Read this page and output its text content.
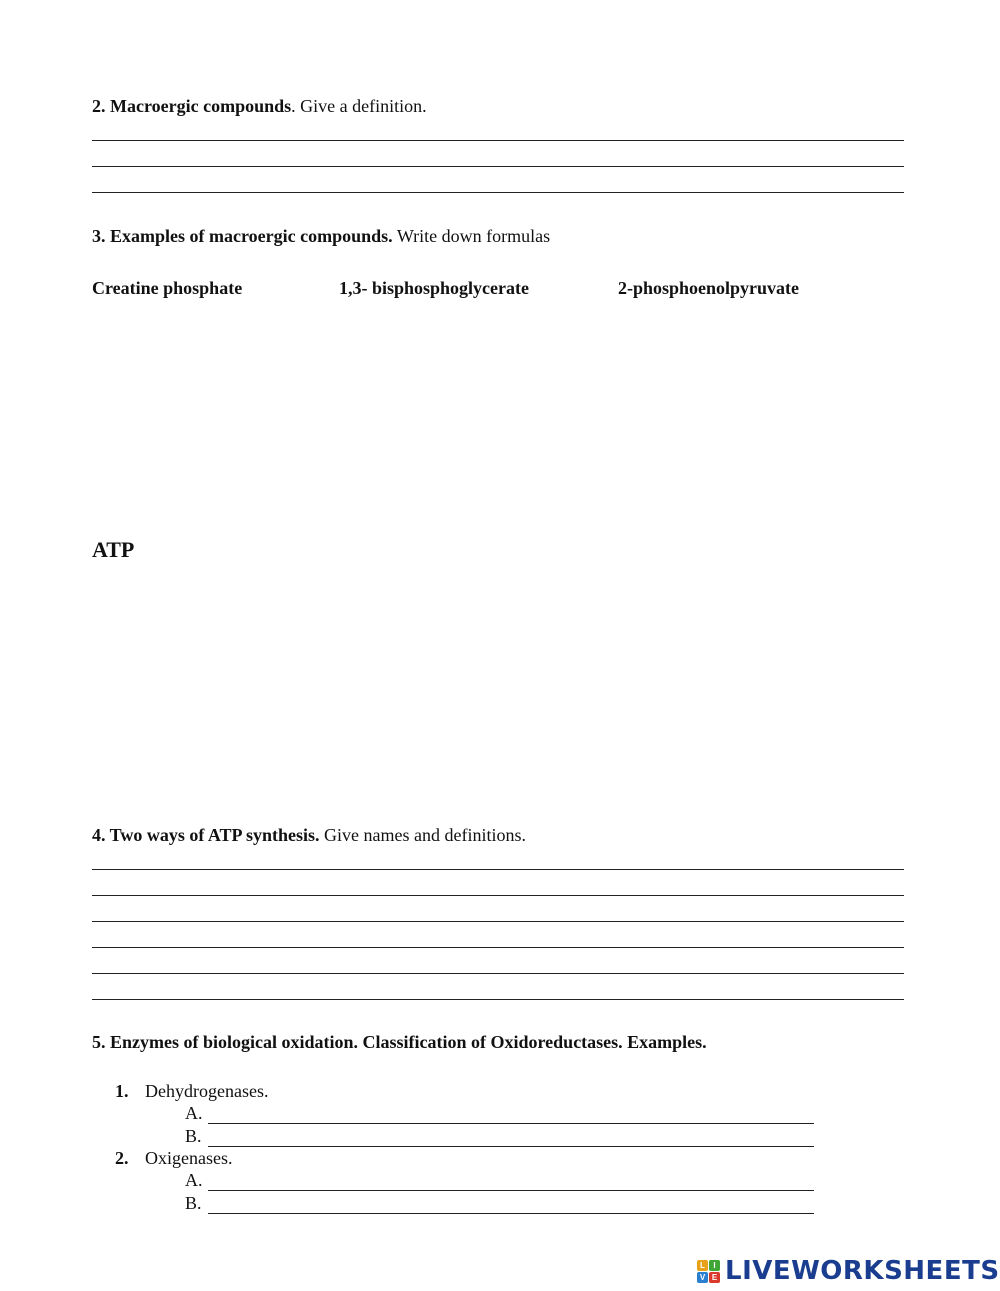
2. Macroergic compounds. Give a definition.
3. Examples of macroergic compounds. Write down formulas
Creatine phosphate	1,3- bisphosphoglycerate	2-phosphoenolpyruvate
ATP
4. Two ways of ATP synthesis. Give names and definitions.
5. Enzymes of biological oxidation. Classification of Oxidoreductases. Examples.
1. Dehydrogenases.
A.
B.
2. Oxigenases.
A.
B.
L	I
V E LIVEWORKSHEETS
